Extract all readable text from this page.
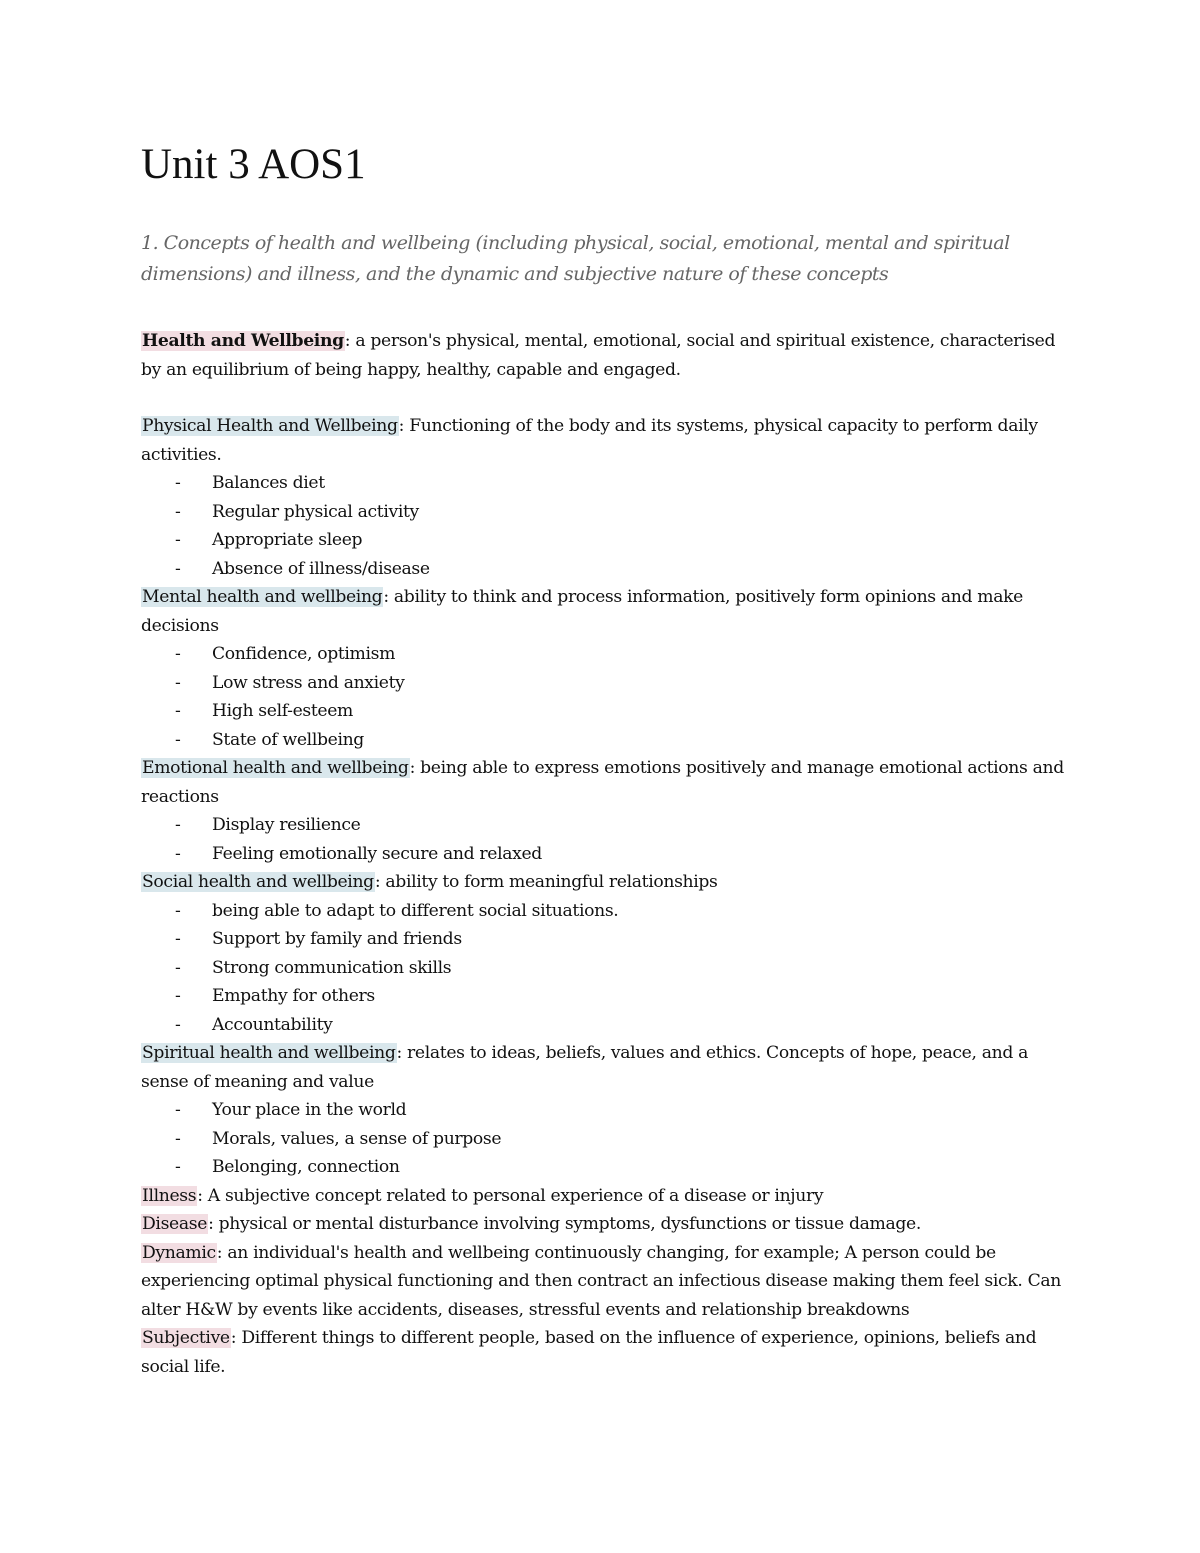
Unit 3 AOS1
1. Concepts of health and wellbeing (including physical, social, emotional, mental and spiritual dimensions) and illness, and the dynamic and subjective nature of these concepts

Health and Wellbeing: a person's physical, mental, emotional, social and spiritual existence, characterised by an equilibrium of being happy, healthy, capable and engaged.

Physical Health and Wellbeing: Functioning of the body and its systems, physical capacity to perform daily activities.

- Balances diet
- Regular physical activity
- Appropriate sleep
- Absence of illness/disease

Mental health and wellbeing: ability to think and process information, positively form opinions and make decisions

- Confidence, optimism
- Low stress and anxiety
- High self-esteem
- State of wellbeing

Emotional health and wellbeing: being able to express emotions positively and manage emotional actions and reactions

- Display resilience
- Feeling emotionally secure and relaxed

Social health and wellbeing: ability to form meaningful relationships

- being able to adapt to different social situations.
- Support by family and friends
- Strong communication skills
- Empathy for others
- Accountability

Spiritual health and wellbeing: relates to ideas, beliefs, values and ethics. Concepts of hope, peace, and a sense of meaning and value

- Your place in the world
- Morals, values, a sense of purpose
- Belonging, connection

Illness: A subjective concept related to personal experience of a disease or injury

Disease: physical or mental disturbance involving symptoms, dysfunctions or tissue damage.

Dynamic: an individual's health and wellbeing continuously changing, for example; A person could be experiencing optimal physical functioning and then contract an infectious disease making them feel sick. Can alter H&W by events like accidents, diseases, stressful events and relationship breakdowns

Subjective: Different things to different people, based on the influence of experience, opinions, beliefs and social life.
